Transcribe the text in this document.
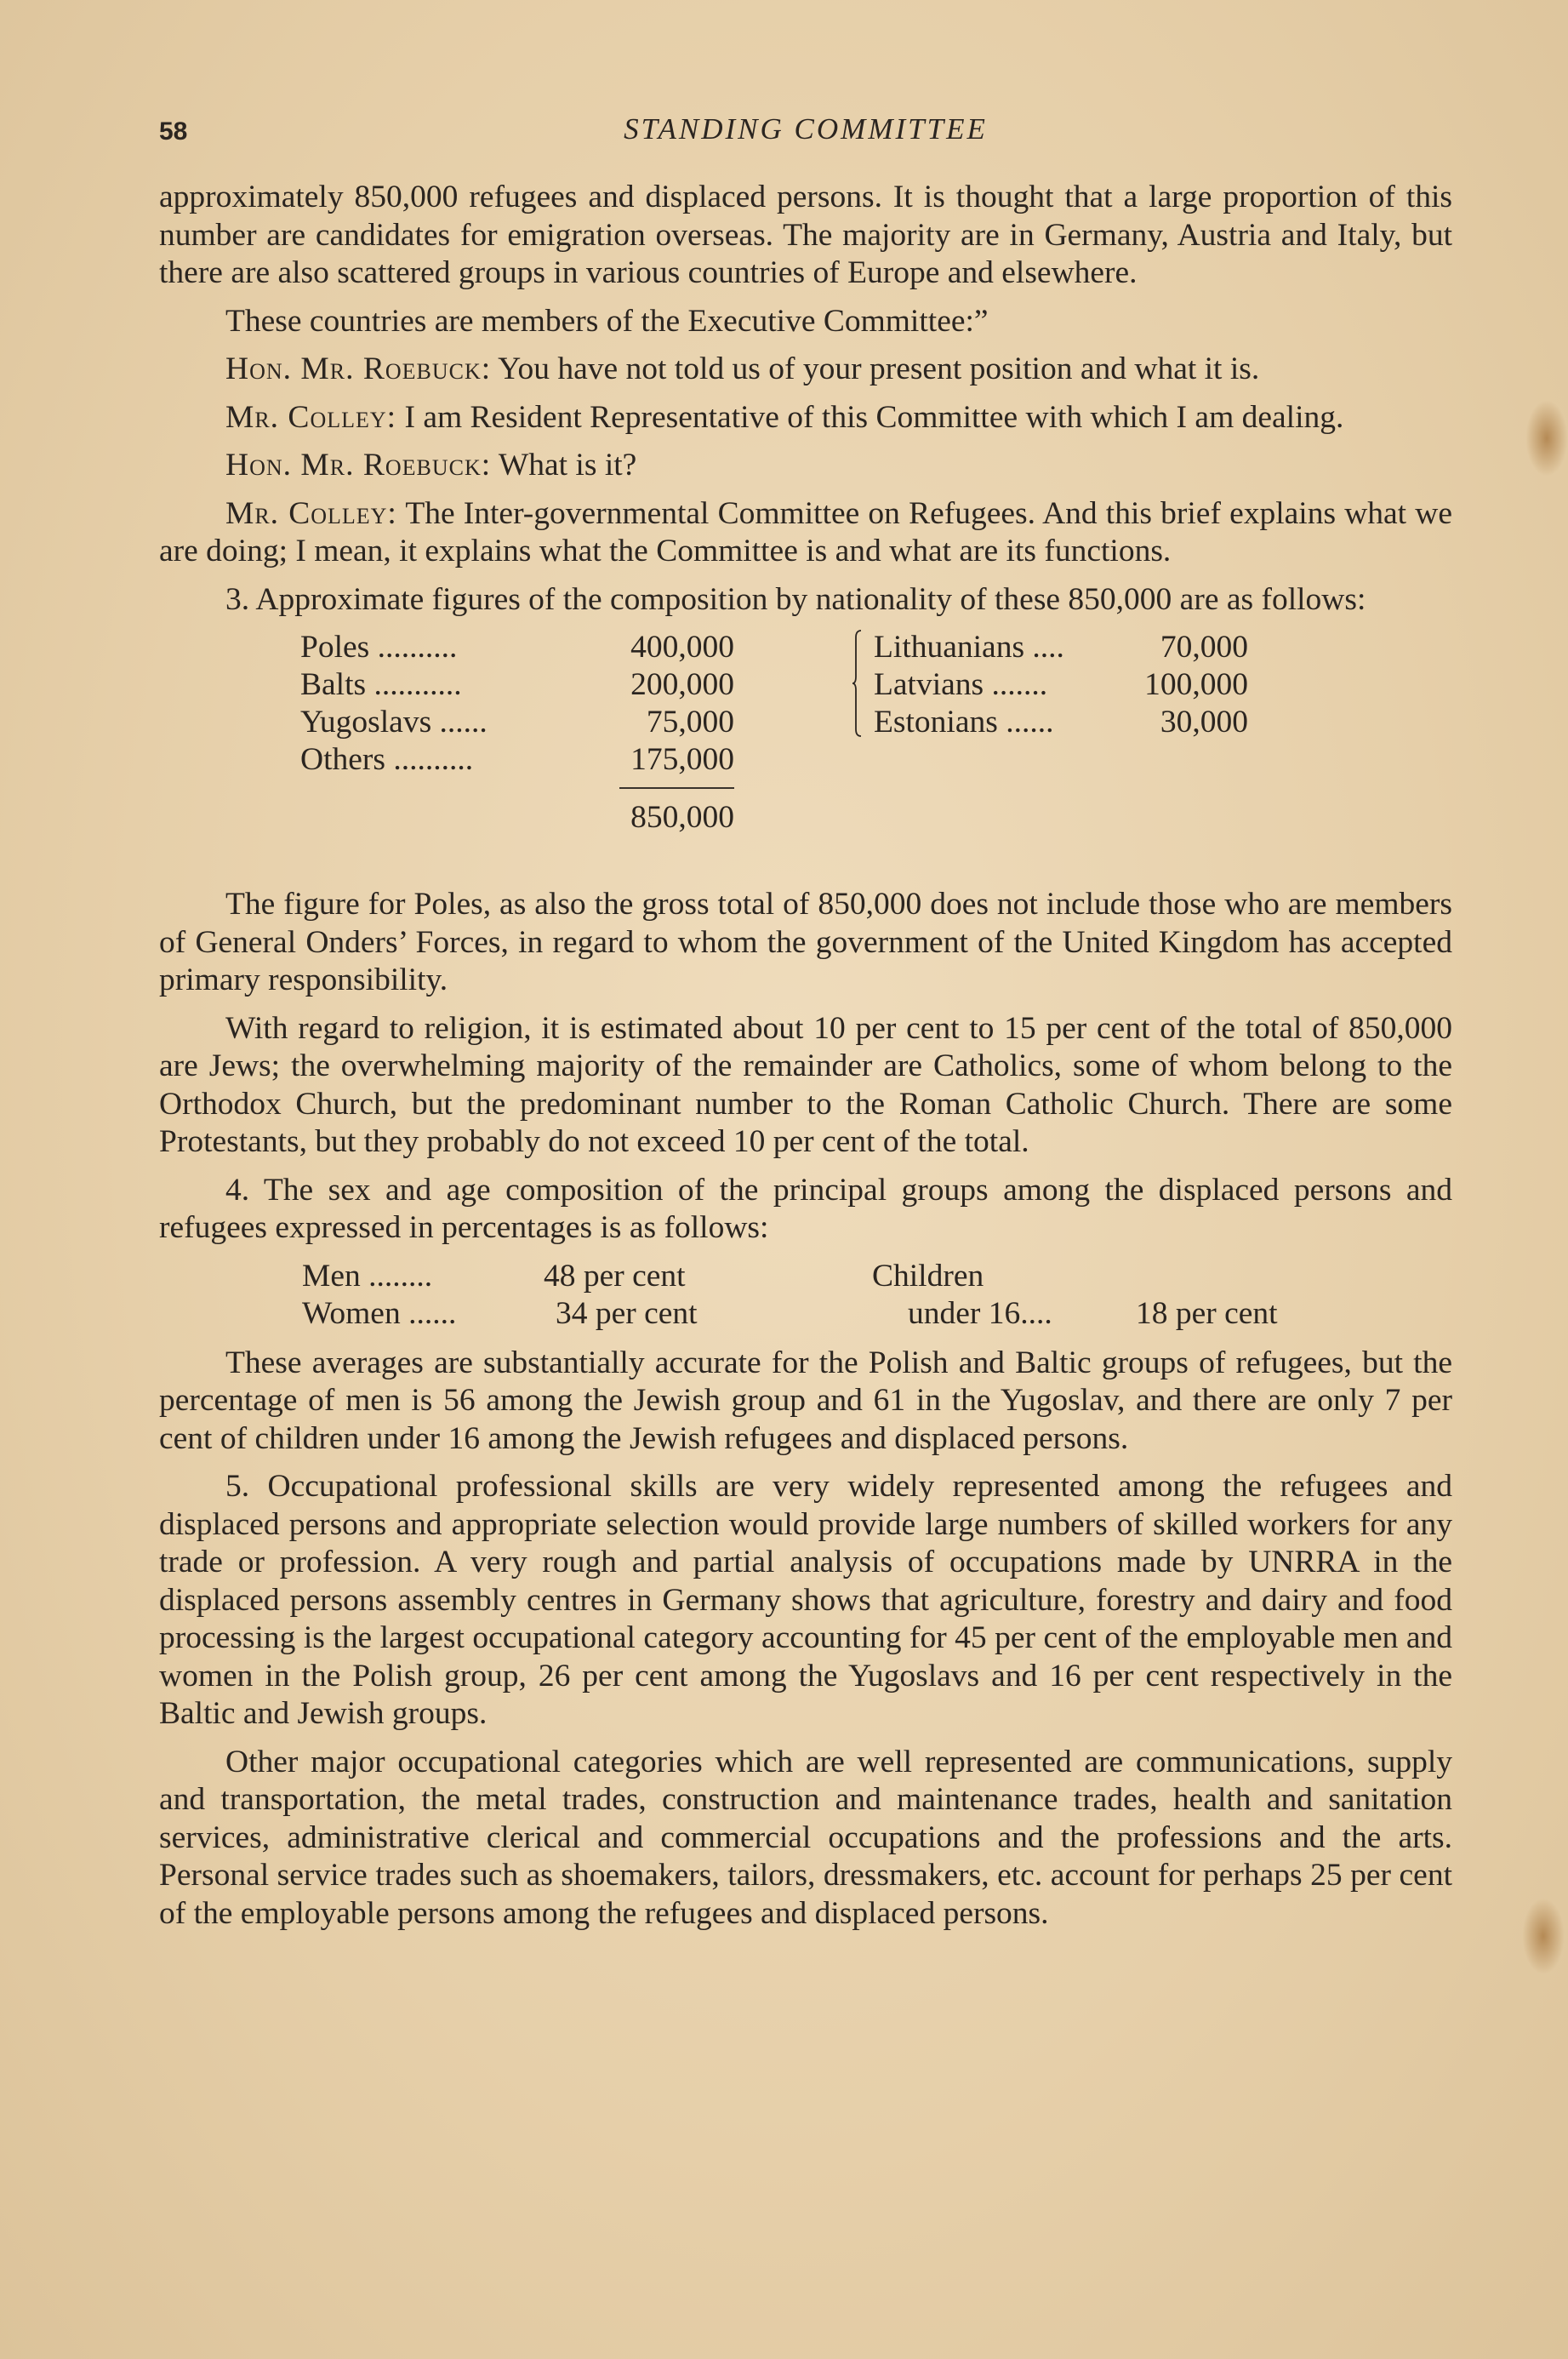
58	STANDING COMMITTEE

approximately 850,000 refugees and displaced persons. It is thought that a large proportion of this number are candidates for emigration overseas. The majority are in Germany, Austria and Italy, but there are also scattered groups in various countries of Europe and elsewhere.

These countries are members of the Executive Committee:”

Hon. Mr. Roebuck: You have not told us of your present position and what it is.

Mr. Colley: I am Resident Representative of this Committee with which I am dealing.

Hon. Mr. Roebuck: What is it?

Mr. Colley: The Inter-governmental Committee on Refugees. And this brief explains what we are doing; I mean, it explains what the Committee is and what are its functions.

3. Approximate figures of the composition by nationality of these 850,000 are as follows:

Poles ..........	400,000
Balts ...........	200,000
Yugoslavs ......	75,000
Others ..........	175,000
850,000
Lithuanians ....	70,000
Latvians .......	100,000
Estonians ......	30,000

The figure for Poles, as also the gross total of 850,000 does not include those who are members of General Onders’ Forces, in regard to whom the government of the United Kingdom has accepted primary responsibility.

With regard to religion, it is estimated about 10 per cent to 15 per cent of the total of 850,000 are Jews; the overwhelming majority of the remainder are Catholics, some of whom belong to the Orthodox Church, but the predominant number to the Roman Catholic Church. There are some Protestants, but they probably do not exceed 10 per cent of the total.

4. The sex and age composition of the principal groups among the displaced persons and refugees expressed in percentages is as follows:

Men ........	48 per cent
Women ......	34 per cent
Children
under 16....	18 per cent

These averages are substantially accurate for the Polish and Baltic groups of refugees, but the percentage of men is 56 among the Jewish group and 61 in the Yugoslav, and there are only 7 per cent of children under 16 among the Jewish refugees and displaced persons.

5. Occupational professional skills are very widely represented among the refugees and displaced persons and appropriate selection would provide large numbers of skilled workers for any trade or profession. A very rough and partial analysis of occupations made by UNRRA in the displaced persons assembly centres in Germany shows that agriculture, forestry and dairy and food processing is the largest occupational category accounting for 45 per cent of the employable men and women in the Polish group, 26 per cent among the Yugoslavs and 16 per cent respectively in the Baltic and Jewish groups.

Other major occupational categories which are well represented are communications, supply and transportation, the metal trades, construction and maintenance trades, health and sanitation services, administrative clerical and commercial occupations and the professions and the arts. Personal service trades such as shoemakers, tailors, dressmakers, etc. account for perhaps 25 per cent of the employable persons among the refugees and displaced persons.
